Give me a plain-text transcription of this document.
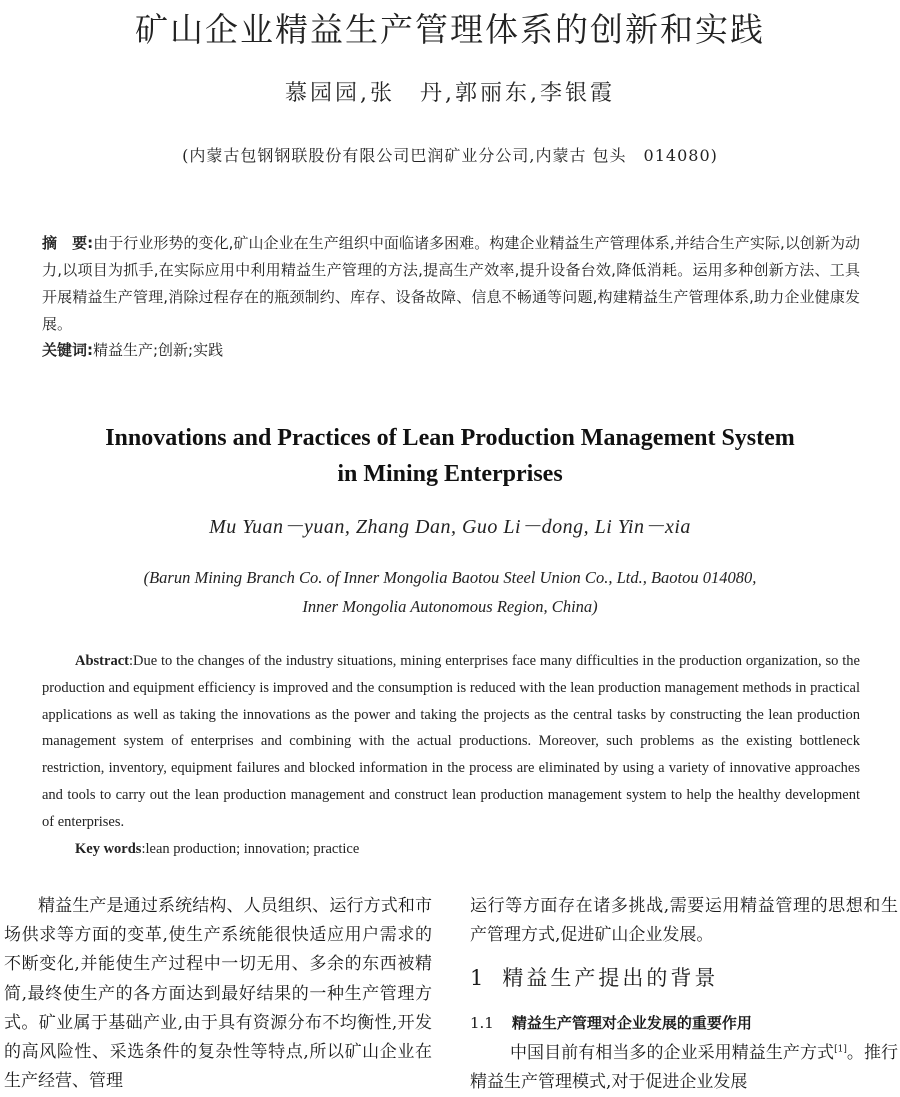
矿山企业精益生产管理体系的创新和实践
慕园园,张　丹,郭丽东,李银霞
(内蒙古包钢钢联股份有限公司巴润矿业分公司,内蒙古 包头　014080)
摘　要:由于行业形势的变化,矿山企业在生产组织中面临诸多困难。构建企业精益生产管理体系,并结合生产实际,以创新为动力,以项目为抓手,在实际应用中利用精益生产管理的方法,提高生产效率,提升设备台效,降低消耗。运用多种创新方法、工具开展精益生产管理,消除过程存在的瓶颈制约、库存、设备故障、信息不畅通等问题,构建精益生产管理体系,助力企业健康发展。
关键词:精益生产;创新;实践
Innovations and Practices of Lean Production Management System
in Mining Enterprises
Mu Yuan－yuan, Zhang Dan, Guo Li－dong, Li Yin－xia
(Barun Mining Branch Co. of Inner Mongolia Baotou Steel Union Co., Ltd., Baotou 014080,
Inner Mongolia Autonomous Region, China)
Abstract:Due to the changes of the industry situations, mining enterprises face many difficulties in the production organization, so the production and equipment efficiency is improved and the consumption is reduced with the lean production management methods in practical applications as well as taking the innovations as the power and taking the projects as the central tasks by constructing the lean production management system of enterprises and combining with the actual productions. Moreover, such problems as the existing bottleneck restriction, inventory, equipment failures and blocked information in the process are eliminated by using a variety of innovative approaches and tools to carry out the lean production management and construct lean production management system to help the healthy development of enterprises.
Key words:lean production; innovation; practice
精益生产是通过系统结构、人员组织、运行方式和市场供求等方面的变革,使生产系统能很快适应用户需求的不断变化,并能使生产过程中一切无用、多余的东西被精简,最终使生产的各方面达到最好结果的一种生产管理方式。矿业属于基础产业,由于具有资源分布不均衡性,开发的高风险性、采选条件的复杂性等特点,所以矿山企业在生产经营、管理
运行等方面存在诸多挑战,需要运用精益管理的思想和生产管理方式,促进矿山企业发展。
1 精益生产提出的背景
1.1 精益生产管理对企业发展的重要作用
中国目前有相当多的企业采用精益生产方式[1]。推行精益生产管理模式,对于促进企业发展
